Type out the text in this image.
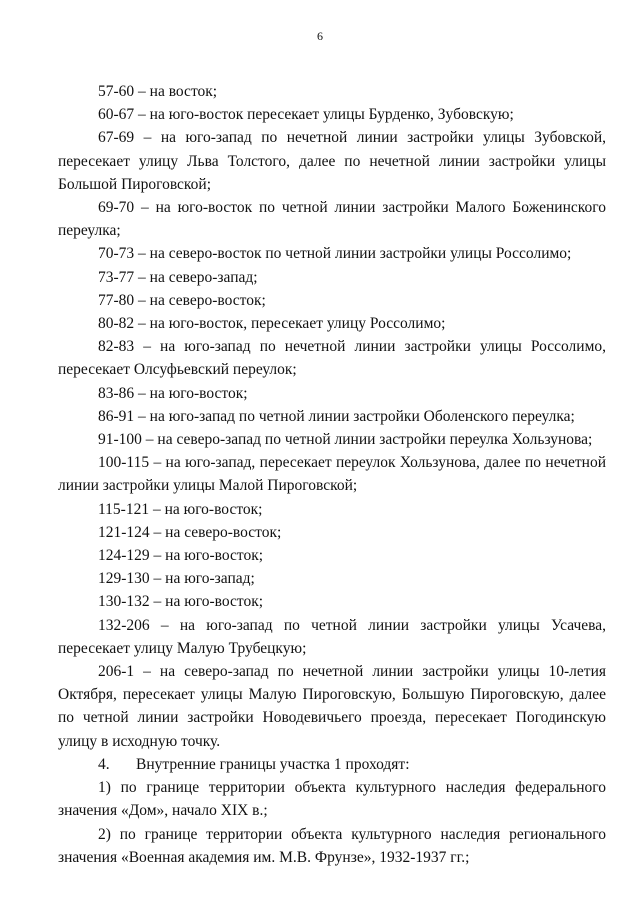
6

57-60 – на восток;

60-67 – на юго-восток пересекает улицы Бурденко, Зубовскую;

67-69 – на юго-запад по нечетной линии застройки улицы Зубовской, пересекает улицу Льва Толстого, далее по нечетной линии застройки улицы Большой Пироговской;

69-70 – на юго-восток по четной линии застройки Малого Боженинского переулка;

70-73 – на северо-восток по четной линии застройки улицы Россолимо;

73-77 – на северо-запад;

77-80 – на северо-восток;

80-82 – на юго-восток, пересекает улицу Россолимо;

82-83 – на юго-запад по нечетной линии застройки улицы Россолимо, пересекает Олсуфьевский переулок;

83-86 – на юго-восток;

86-91 – на юго-запад по четной линии застройки Оболенского переулка;

91-100 – на северо-запад по четной линии застройки переулка Хользунова;

100-115 – на юго-запад, пересекает переулок Хользунова, далее по нечетной линии застройки улицы Малой Пироговской;

115-121 – на юго-восток;

121-124 – на северо-восток;

124-129 – на юго-восток;

129-130 – на юго-запад;

130-132 – на юго-восток;

132-206 – на юго-запад по четной линии застройки улицы Усачева, пересекает улицу Малую Трубецкую;

206-1 – на северо-запад по нечетной линии застройки улицы 10-летия Октября, пересекает улицы Малую Пироговскую, Большую Пироговскую, далее по четной линии застройки Новодевичьего проезда, пересекает Погодинскую улицу в исходную точку.

4.	Внутренние границы участка 1 проходят:

1) по границе территории объекта культурного наследия федерального значения «Дом», начало XIX в.;

2) по границе территории объекта культурного наследия регионального значения «Военная академия им. М.В. Фрунзе», 1932-1937 гг.;
